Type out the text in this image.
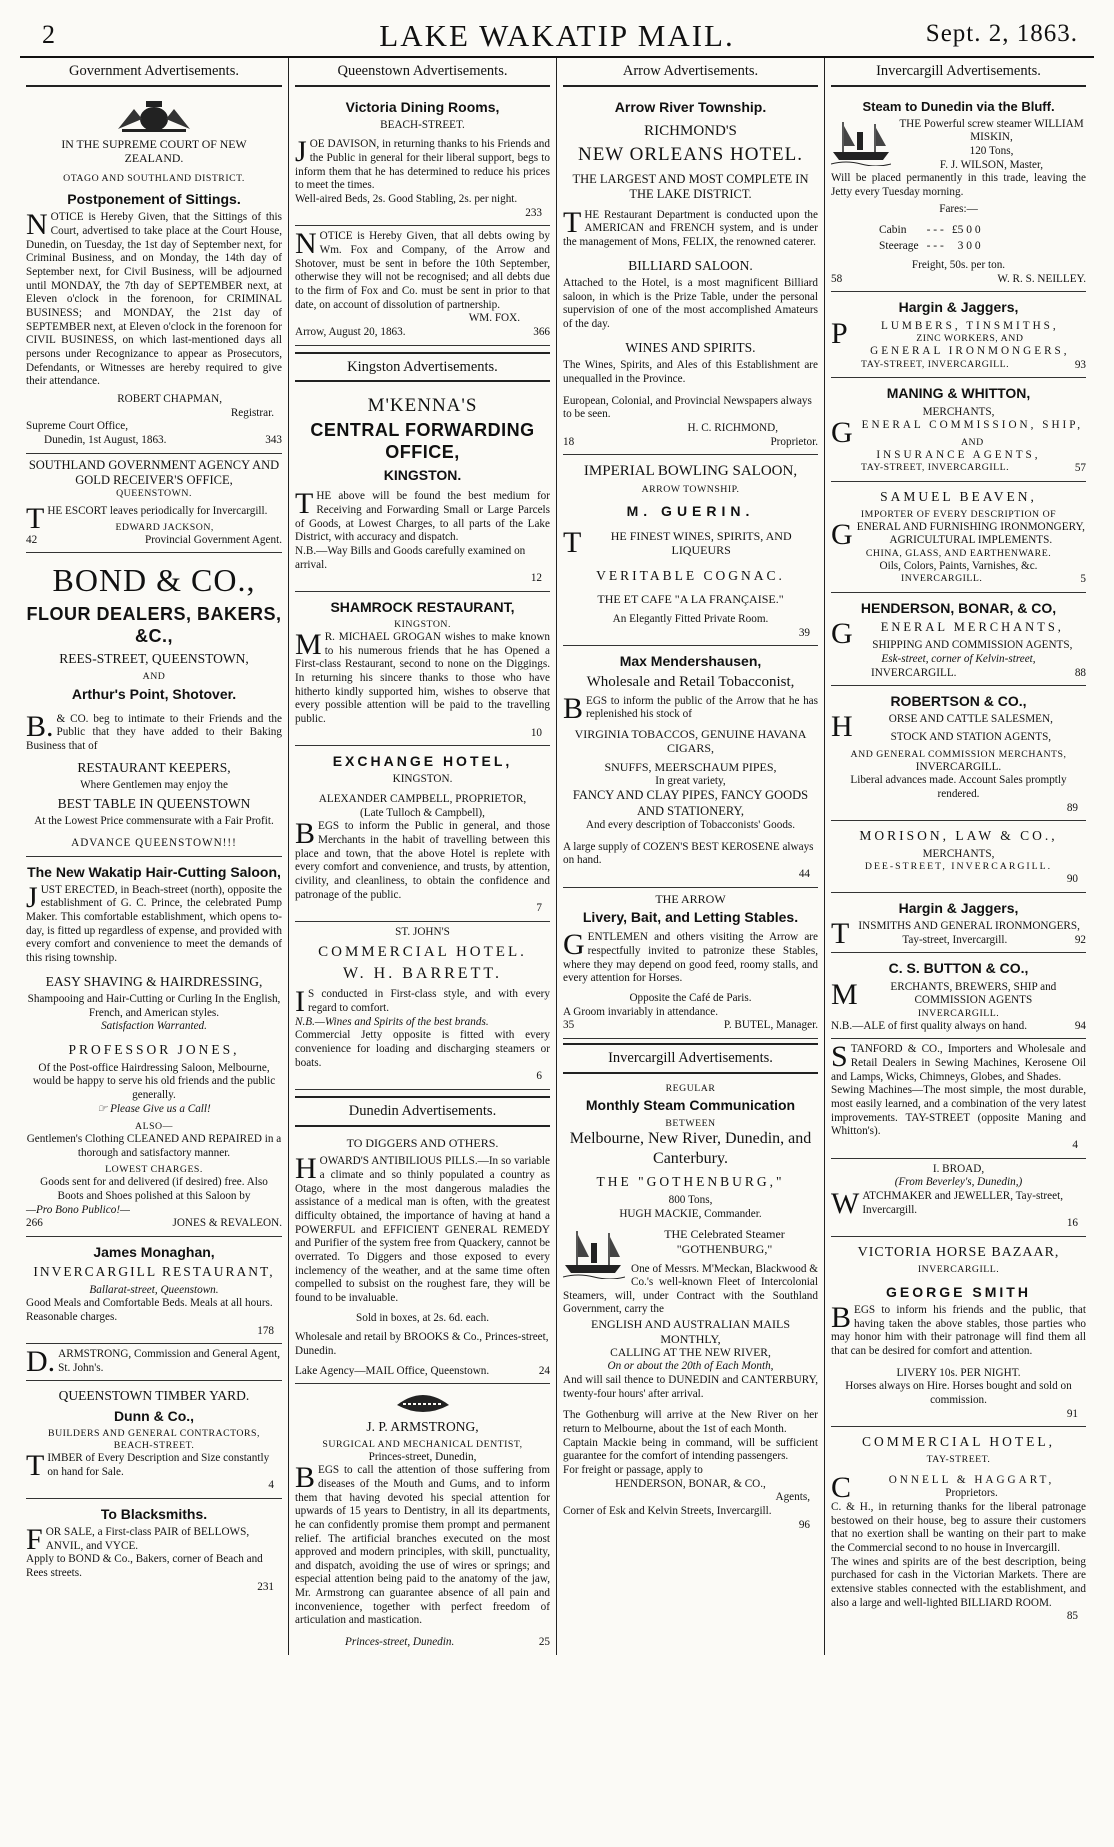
2	LAKE WAKATIP MAIL.	Sept. 2, 1863.
Government Advertisements.
IN THE SUPREME COURT OF NEW ZEALAND.
OTAGO AND SOUTHLAND DISTRICT.
Postponement of Sittings.
NOTICE is Hereby Given, that the Sittings of this Court, advertised to take place at the Court House, Dunedin, on Tuesday, the 1st day of September next, for Criminal Business, and on Monday, the 14th day of September next, for Civil Business, will be adjourned until MONDAY, the 7th day of SEPTEMBER next, at Eleven o'clock in the forenoon, for CRIMINAL BUSINESS; and MONDAY, the 21st day of SEPTEMBER next, at Eleven o'clock in the forenoon for CIVIL BUSINESS, on which last-mentioned days all persons under Recognizance to appear as Prosecutors, Defendants, or Witnesses are hereby required to give their attendance.
ROBERT CHAPMAN,
Registrar.
Supreme Court Office,
Dunedin, 1st August, 1863.	343
SOUTHLAND GOVERNMENT AGENCY AND GOLD RECEIVER'S OFFICE,
QUEENSTOWN.
THE ESCORT leaves periodically for Invercargill.
EDWARD JACKSON,
42	Provincial Government Agent.
BOND & CO.,
FLOUR DEALERS, BAKERS, &C.,
REES-STREET, QUEENSTOWN,
AND
Arthur's Point, Shotover.
B.& CO. beg to intimate to their Friends and the Public that they have added to their Baking Business that of
RESTAURANT KEEPERS,
Where Gentlemen may enjoy the
BEST TABLE IN QUEENSTOWN
At the Lowest Price commensurate with a Fair Profit.
ADVANCE QUEENSTOWN!!!
The New Wakatip Hair-Cutting Saloon,
JUST ERECTED, in Beach-street (north), opposite the establishment of G. C. Prince, the celebrated Pump Maker. This comfortable establishment, which opens to-day, is fitted up regardless of expense, and provided with every comfort and convenience to meet the demands of this rising township.
EASY SHAVING & HAIRDRESSING,
Shampooing and Hair-Cutting or Curling In the English, French, and American styles.
Satisfaction Warranted.
PROFESSOR JONES,
Of the Post-office Hairdressing Saloon, Melbourne, would be happy to serve his old friends and the public generally.
☞ Please Give us a Call!
ALSO—
Gentlemen's Clothing CLEANED AND REPAIRED in a thorough and satisfactory manner.
LOWEST CHARGES.
Goods sent for and delivered (if desired) free. Also Boots and Shoes polished at this Saloon by
—Pro Bono Publico!—
266	JONES & REVALEON.
James Monaghan,
INVERCARGILL RESTAURANT,
Ballarat-street, Queenstown.
Good Meals and Comfortable Beds. Meals at all hours. Reasonable charges.
178
D.ARMSTRONG, Commission and General Agent, St. John's.
QUEENSTOWN TIMBER YARD.
Dunn & Co.,
BUILDERS AND GENERAL CONTRACTORS,
BEACH-STREET.
TIMBER of Every Description and Size constantly on hand for Sale.
4
To Blacksmiths.
FOR SALE, a First-class PAIR of BELLOWS, ANVIL, and VYCE.
Apply to BOND & Co., Bakers, corner of Beach and Rees streets.
231
Queenstown Advertisements.
Victoria Dining Rooms,
BEACH-STREET.
JOE DAVISON, in returning thanks to his Friends and the Public in general for their liberal support, begs to inform them that he has determined to reduce his prices to meet the times.
Well-aired Beds, 2s. Good Stabling, 2s. per night.
233
NOTICE is Hereby Given, that all debts owing by Wm. Fox and Company, of the Arrow and Shotover, must be sent in before the 10th September, otherwise they will not be recognised; and all debts due to the firm of Fox and Co. must be sent in prior to that date, on account of dissolution of partnership.
WM. FOX.
Arrow, August 20, 1863.	366
Kingston Advertisements.
M'KENNA'S
CENTRAL FORWARDING OFFICE,
KINGSTON.
THE above will be found the best medium for Receiving and Forwarding Small or Large Parcels of Goods, at Lowest Charges, to all parts of the Lake District, with accuracy and dispatch.
N.B.—Way Bills and Goods carefully examined on arrival.
12
SHAMROCK RESTAURANT,
KINGSTON.
MR. MICHAEL GROGAN wishes to make known to his numerous friends that he has Opened a First-class Restaurant, second to none on the Diggings. In returning his sincere thanks to those who have hitherto kindly supported him, wishes to observe that every possible attention will be paid to the travelling public.
10
EXCHANGE HOTEL,
KINGSTON.
ALEXANDER CAMPBELL, PROPRIETOR,
(Late Tulloch & Campbell),
BEGS to inform the Public in general, and those Merchants in the habit of travelling between this place and town, that the above Hotel is replete with every comfort and convenience, and trusts, by attention, civility, and cleanliness, to obtain the confidence and patronage of the public.
7
ST. JOHN'S
COMMERCIAL HOTEL.
W. H. BARRETT.
IS conducted in First-class style, and with every regard to comfort.
N.B.—Wines and Spirits of the best brands.
Commercial Jetty opposite is fitted with every convenience for loading and discharging steamers or boats.
6
Dunedin Advertisements.
TO DIGGERS AND OTHERS.
HOWARD'S ANTIBILIOUS PILLS.—In so variable a climate and so thinly populated a country as Otago, where in the most dangerous maladies the assistance of a medical man is often, with the greatest difficulty obtained, the importance of having at hand a POWERFUL and EFFICIENT GENERAL REMEDY and Purifier of the system free from Quackery, cannot be overrated. To Diggers and those exposed to every inclemency of the weather, and at the same time often compelled to subsist on the roughest fare, they will be found to be invaluable.
Sold in boxes, at 2s. 6d. each.
Wholesale and retail by BROOKS & Co., Princes-street, Dunedin.
Lake Agency—MAIL Office, Queenstown.	24
J. P. ARMSTRONG,
SURGICAL AND MECHANICAL DENTIST,
Princes-street, Dunedin,
BEGS to call the attention of those suffering from diseases of the Mouth and Gums, and to inform them that having devoted his special attention for upwards of 15 years to Dentistry, in all its departments, he can confidently promise them prompt and permanent relief. The artificial branches executed on the most approved and modern principles, with skill, punctuality, and dispatch, avoiding the use of wires or springs; and especial attention being paid to the anatomy of the jaw, Mr. Armstrong can guarantee absence of all pain and inconvenience, together with perfect freedom of articulation and mastication.
Princes-street, Dunedin.	25
Arrow Advertisements.
Arrow River Township.
RICHMOND'S
NEW ORLEANS HOTEL.
THE LARGEST AND MOST COMPLETE IN THE LAKE DISTRICT.
THE Restaurant Department is conducted upon the AMERICAN and FRENCH system, and is under the management of Mons, FELIX, the renowned caterer.
BILLIARD SALOON.
Attached to the Hotel, is a most magnificent Billiard saloon, in which is the Prize Table, under the personal supervision of one of the most accomplished Amateurs of the day.
WINES AND SPIRITS.
The Wines, Spirits, and Ales of this Establishment are unequalled in the Province.
European, Colonial, and Provincial Newspapers always to be seen.
H. C. RICHMOND,
18	Proprietor.
IMPERIAL BOWLING SALOON,
ARROW TOWNSHIP.
M. GUERIN.
THE FINEST WINES, SPIRITS, AND LIQUEURS
VERITABLE COGNAC.
THE ET CAFE "A LA FRANÇAISE."
An Elegantly Fitted Private Room.
39
Max Mendershausen,
Wholesale and Retail Tobacconist,
BEGS to inform the public of the Arrow that he has replenished his stock of
VIRGINIA TOBACCOS, GENUINE HAVANA CIGARS,
SNUFFS, MEERSCHAUM PIPES,
In great variety,
FANCY AND CLAY PIPES, FANCY GOODS AND STATIONERY,
And every description of Tobacconists' Goods.
A large supply of COZEN'S BEST KEROSENE always on hand.
44
THE ARROW
Livery, Bait, and Letting Stables.
GENTLEMEN and others visiting the Arrow are respectfully invited to patronize these Stables, where they may depend on good feed, roomy stalls, and every attention for Horses.
Opposite the Café de Paris.
A Groom invariably in attendance.
35	P. BUTEL, Manager.
Invercargill Advertisements.
REGULAR
Monthly Steam Communication
BETWEEN
Melbourne, New River, Dunedin, and Canterbury.
THE "GOTHENBURG,"
800 Tons,
HUGH MACKIE, Commander.
THE Celebrated Steamer "GOTHENBURG,"
One of Messrs. M'Meckan, Blackwood & Co.'s well-known Fleet of Intercolonial Steamers, will, under Contract with the Southland Government, carry the
ENGLISH AND AUSTRALIAN MAILS MONTHLY,
CALLING AT THE NEW RIVER,
On or about the 20th of Each Month,
And will sail thence to DUNEDIN and CANTERBURY, twenty-four hours' after arrival.
The Gothenburg will arrive at the New River on her return to Melbourne, about the 1st of each Month.
Captain Mackie being in command, will be sufficient guarantee for the comfort of intending passengers.
For freight or passage, apply to
HENDERSON, BONAR, & CO.,
Agents,
Corner of Esk and Kelvin Streets, Invercargill.
96
Invercargill Advertisements.
Steam to Dunedin via the Bluff.
THE Powerful screw steamer WILLIAM MISKIN,
120 Tons,
F. J. WILSON, Master,
Will be placed permanently in this trade, leaving the Jetty every Tuesday morning.
Fares:—
Cabin	- - -	£5 0 0
Steerage	- - -	3 0 0
Freight, 50s. per ton.
58	W. R. S. NEILLEY.
Hargin & Jaggers,
PLUMBERS, TINSMITHS,
ZINC WORKERS, AND
GENERAL IRONMONGERS,
TAY-STREET, INVERCARGILL.	93
MANING & WHITTON,
MERCHANTS,
GENERAL COMMISSION, SHIP,
AND
INSURANCE AGENTS,
TAY-STREET, INVERCARGILL.	57
SAMUEL BEAVEN,
IMPORTER OF EVERY DESCRIPTION OF
GENERAL AND FURNISHING IRONMONGERY, AGRICULTURAL IMPLEMENTS.
CHINA, GLASS, AND EARTHENWARE.
Oils, Colors, Paints, Varnishes, &c.
INVERCARGILL.	5
HENDERSON, BONAR, & CO,
GENERAL MERCHANTS,
SHIPPING AND COMMISSION AGENTS,
Esk-street, corner of Kelvin-street,
INVERCARGILL.	88
ROBERTSON & CO.,
HORSE AND CATTLE SALESMEN,
STOCK AND STATION AGENTS,
AND GENERAL COMMISSION MERCHANTS,
INVERCARGILL.
Liberal advances made. Account Sales promptly rendered.
89
MORISON, LAW & CO.,
MERCHANTS,
DEE-STREET, INVERCARGILL.
90
Hargin & Jaggers,
TINSMITHS AND GENERAL IRONMONGERS,
Tay-street, Invercargill.	92
C. S. BUTTON & CO.,
MERCHANTS, BREWERS, SHIP and COMMISSION AGENTS
INVERCARGILL.
N.B.—ALE of first quality always on hand.	94
STANFORD & CO., Importers and Wholesale and Retail Dealers in Sewing Machines, Kerosene Oil and Lamps, Wicks, Chimneys, Globes, and Shades.
Sewing Machines—The most simple, the most durable, most easily learned, and a combination of the very latest improvements. TAY-STREET (opposite Maning and Whitton's).
4
I. BROAD,
(From Beverley's, Dunedin,)
WATCHMAKER and JEWELLER, Tay-street, Invercargill.
16
VICTORIA HORSE BAZAAR,
INVERCARGILL.
GEORGE SMITH
BEGS to inform his friends and the public, that having taken the above stables, those parties who may honor him with their patronage will find them all that can be desired for comfort and attention.
LIVERY 10s. PER NIGHT.
Horses always on Hire. Horses bought and sold on commission.
91
COMMERCIAL HOTEL,
TAY-STREET.
CONNELL & HAGGART,
Proprietors.
C. & H., in returning thanks for the liberal patronage bestowed on their house, beg to assure their customers that no exertion shall be wanting on their part to make the Commercial second to no house in Invercargill.
The wines and spirits are of the best description, being purchased for cash in the Victorian Markets. There are extensive stables connected with the establishment, and also a large and well-lighted BILLIARD ROOM.
85
